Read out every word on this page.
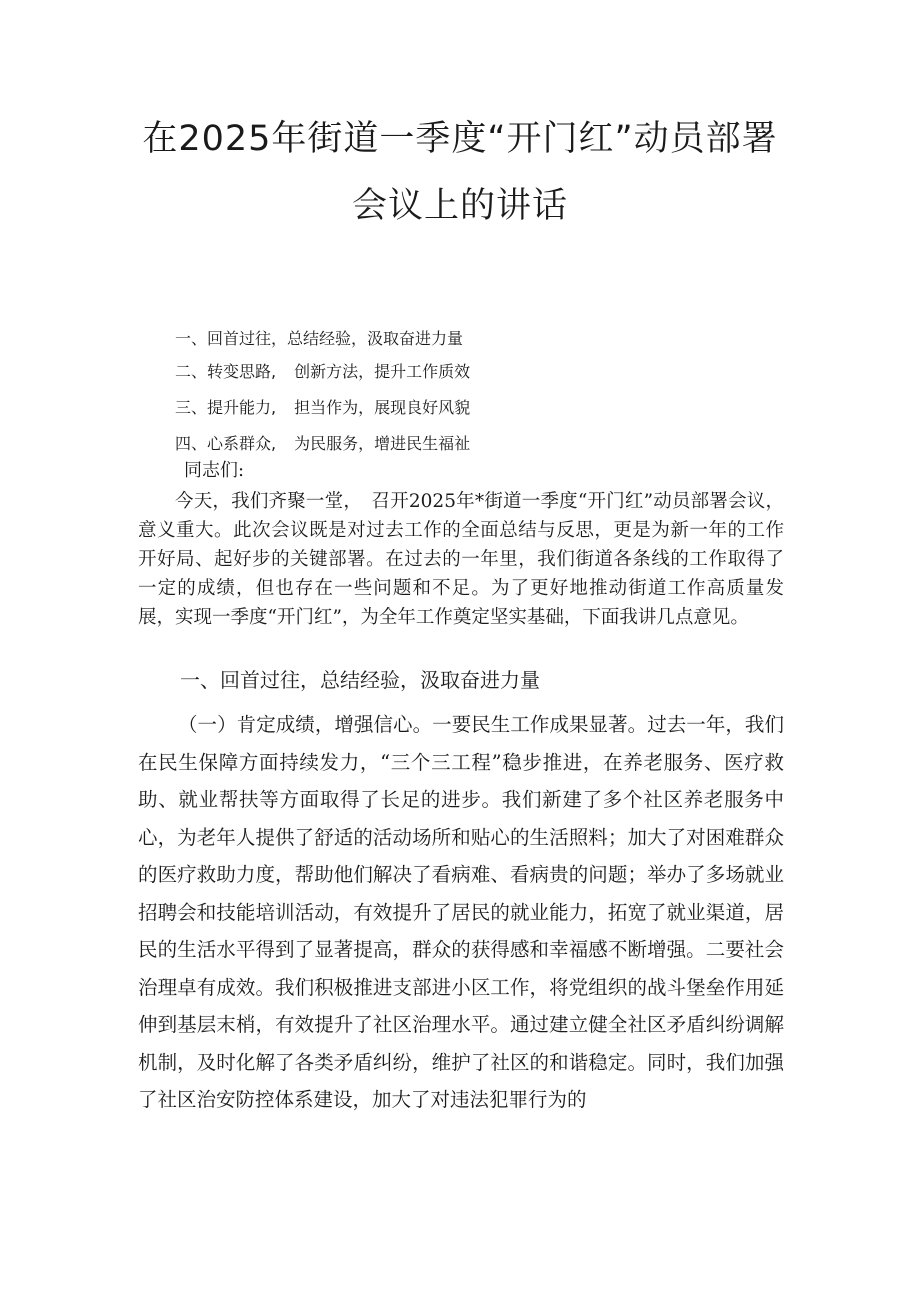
在2025年街道一季度“开门红”动员部署
会议上的讲话

一、回首过往，总结经验，汲取奋进力量

二、转变思路, 创新方法，提升工作质效

三、提升能力, 担当作为，展现良好风貌

四、心系群众, 为民服务，增进民生福祉

同志们:

今天，我们齐聚一堂，　召开2025年*街道一季度“开门红”动员部署会议，意义重大。此次会议既是对过去工作的全面总结与反思，更是为新一年的工作开好局、起好步的关键部署。在过去的一年里，我们街道各条线的工作取得了一定的成绩，但也存在一些问题和不足。为了更好地推动街道工作高质量发展，实现一季度“开门红”，为全年工作奠定坚实基础，下面我讲几点意见。

一、回首过往，总结经验，汲取奋进力量

（一）肯定成绩，增强信心。一要民生工作成果显著。过去一年，我们在民生保障方面持续发力，“三个三工程”稳步推进，在养老服务、医疗救助、就业帮扶等方面取得了长足的进步。我们新建了多个社区养老服务中心，为老年人提供了舒适的活动场所和贴心的生活照料；加大了对困难群众的医疗救助力度，帮助他们解决了看病难、看病贵的问题；举办了多场就业招聘会和技能培训活动，有效提升了居民的就业能力，拓宽了就业渠道，居民的生活水平得到了显著提高，群众的获得感和幸福感不断增强。二要社会治理卓有成效。我们积极推进支部进小区工作，将党组织的战斗堡垒作用延伸到基层末梢，有效提升了社区治理水平。通过建立健全社区矛盾纠纷调解机制，及时化解了各类矛盾纠纷，维护了社区的和谐稳定。同时，我们加强了社区治安防控体系建设，加大了对违法犯罪行为的
